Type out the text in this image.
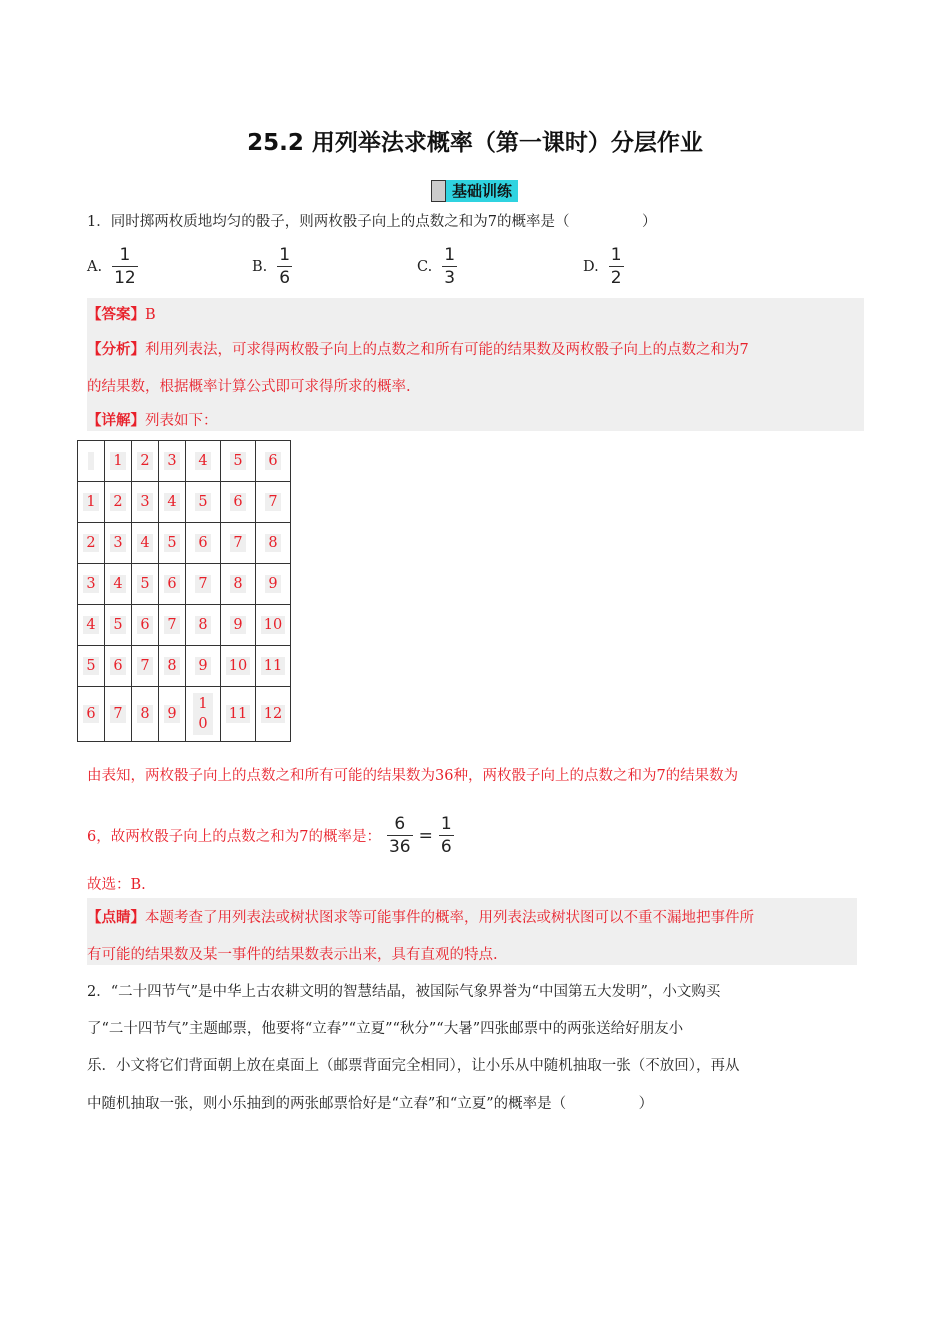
25.2 用列举法求概率（第一课时）分层作业
基础训练
1．同时掷两枚质地均匀的骰子，则两枚骰子向上的点数之和为7的概率是（　　　　　）
A. $\frac{1}{12}$	B. $\frac{1}{6}$	C. $\frac{1}{3}$	D. $\frac{1}{2}$
【答案】B
【分析】利用列表法，可求得两枚骰子向上的点数之和所有可能的结果数及两枚骰子向上的点数之和为7
的结果数，根据概率计算公式即可求得所求的概率.
【详解】列表如下：
	1	2	3	4	5	6
1	2	3	4	5	6	7
2	3	4	5	6	7	8
3	4	5	6	7	8	9
4	5	6	7	8	9	10
5	6	7	8	9	10	11
6	7	8	9	10	11	12
由表知，两枚骰子向上的点数之和所有可能的结果数为36种，两枚骰子向上的点数之和为7的结果数为
6，故两枚骰子向上的点数之和为7的概率是： $\frac{6}{36} = \frac{1}{6}$
故选：B.
【点睛】本题考查了用列表法或树状图求等可能事件的概率，用列表法或树状图可以不重不漏地把事件所
有可能的结果数及某一事件的结果数表示出来，具有直观的特点.
2．“二十四节气”是中华上古农耕文明的智慧结晶，被国际气象界誉为“中国第五大发明”，小文购买
了“二十四节气”主题邮票，他要将“立春”“立夏”“秋分”“大暑”四张邮票中的两张送给好朋友小
乐．小文将它们背面朝上放在桌面上（邮票背面完全相同），让小乐从中随机抽取一张（不放回），再从
中随机抽取一张，则小乐抽到的两张邮票恰好是“立春”和“立夏”的概率是（　　　　　）
